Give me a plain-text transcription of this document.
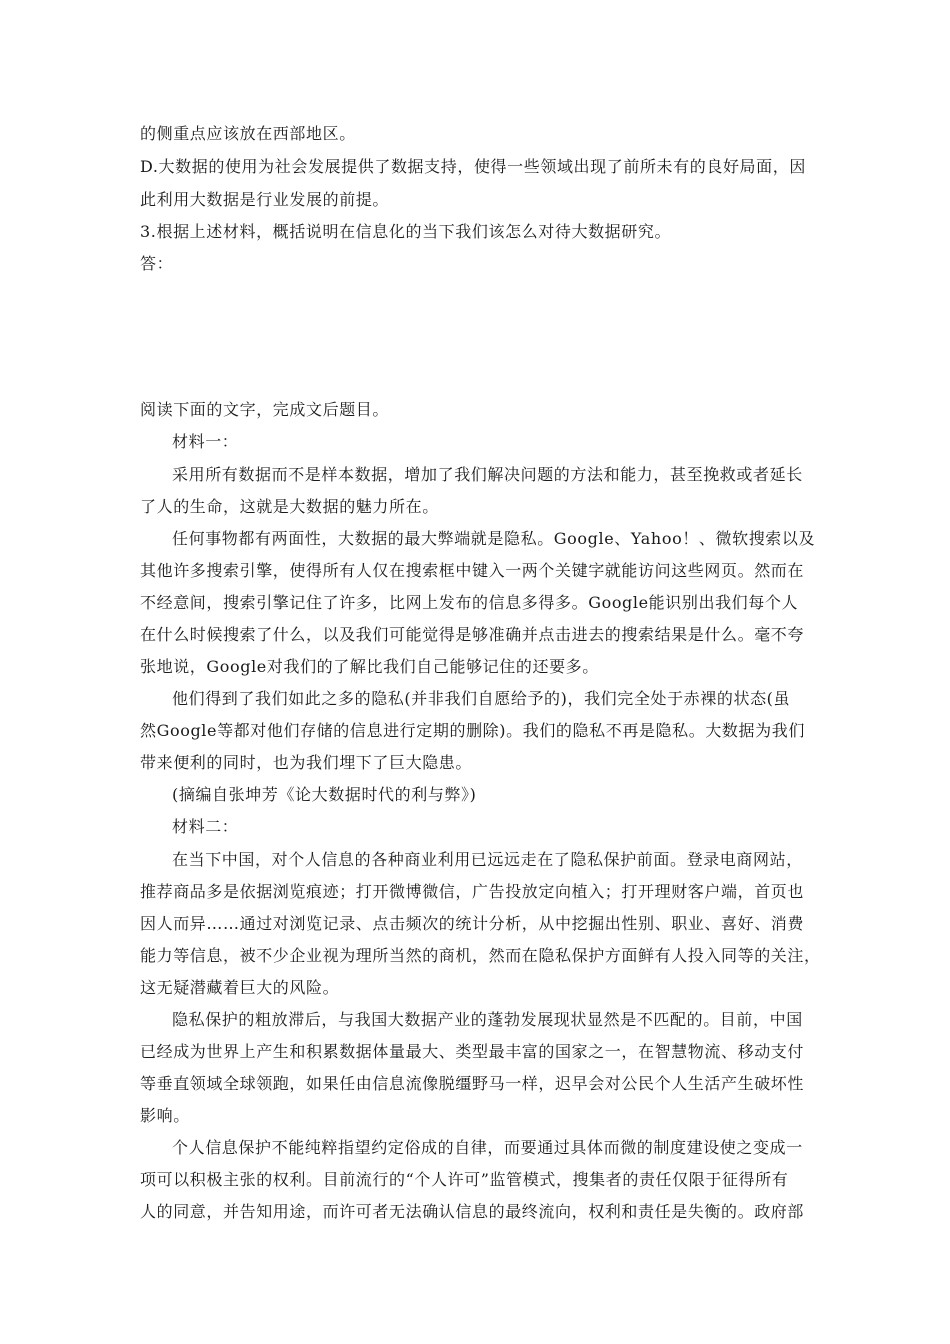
的侧重点应该放在西部地区。
D.大数据的使用为社会发展提供了数据支持，使得一些领域出现了前所未有的良好局面，因
此利用大数据是行业发展的前提。
3.根据上述材料，概括说明在信息化的当下我们该怎么对待大数据研究。
答：
阅读下面的文字，完成文后题目。
材料一：
采用所有数据而不是样本数据，增加了我们解决问题的方法和能力，甚至挽救或者延长
了人的生命，这就是大数据的魅力所在。
任何事物都有两面性，大数据的最大弊端就是隐私。Google、Yahoo！、微软搜索以及
其他许多搜索引擎，使得所有人仅在搜索框中键入一两个关键字就能访问这些网页。然而在
不经意间，搜索引擎记住了许多，比网上发布的信息多得多。Google能识别出我们每个人
在什么时候搜索了什么，以及我们可能觉得是够准确并点击进去的搜索结果是什么。毫不夸
张地说，Google对我们的了解比我们自己能够记住的还要多。
他们得到了我们如此之多的隐私(并非我们自愿给予的)，我们完全处于赤裸的状态(虽
然Google等都对他们存储的信息进行定期的删除)。我们的隐私不再是隐私。大数据为我们
带来便利的同时，也为我们埋下了巨大隐患。
(摘编自张坤芳《论大数据时代的利与弊》)
材料二：
在当下中国，对个人信息的各种商业利用已远远走在了隐私保护前面。登录电商网站，
推荐商品多是依据浏览痕迹；打开微博微信，广告投放定向植入；打开理财客户端，首页也
因人而异……通过对浏览记录、点击频次的统计分析，从中挖掘出性别、职业、喜好、消费
能力等信息，被不少企业视为理所当然的商机，然而在隐私保护方面鲜有人投入同等的关注，
这无疑潜藏着巨大的风险。
隐私保护的粗放滞后，与我国大数据产业的蓬勃发展现状显然是不匹配的。目前，中国
已经成为世界上产生和积累数据体量最大、类型最丰富的国家之一，在智慧物流、移动支付
等垂直领域全球领跑，如果任由信息流像脱缰野马一样，迟早会对公民个人生活产生破坏性
影响。
个人信息保护不能纯粹指望约定俗成的自律，而要通过具体而微的制度建设使之变成一
项可以积极主张的权利。目前流行的“个人许可”监管模式，搜集者的责任仅限于征得所有
人的同意，并告知用途，而许可者无法确认信息的最终流向，权利和责任是失衡的。政府部
